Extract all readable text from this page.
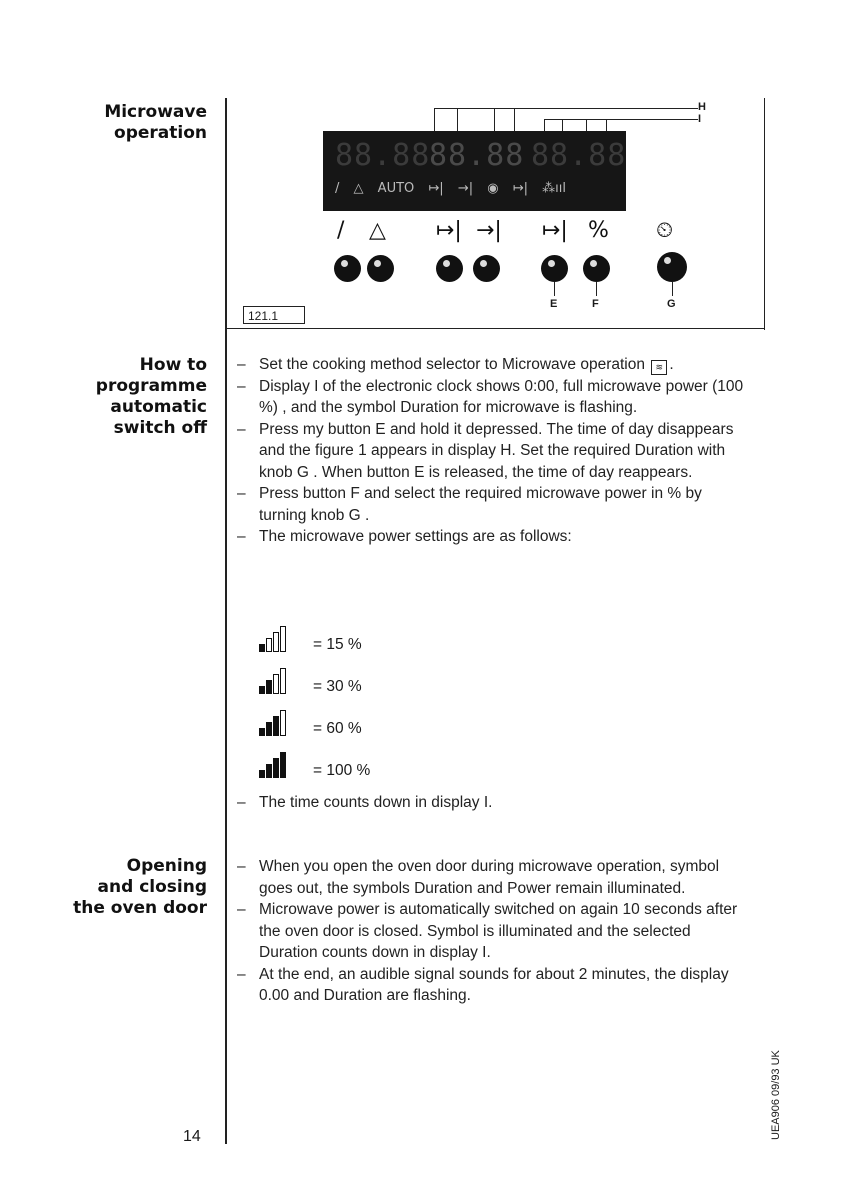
Microwave
operation
How to
programme
automatic
switch off
Opening
and closing
the oven door
H
I
88.88
88.88 88.88
/ △ AUTO ↦| →| ◉ ↦| ⁂ııl
/ △ ↦| →| ↦| % ⏲
E	F	G
121.1
– Set the cooking method selector to Microwave operation ≋ .
– Display I of the electronic clock shows 0:00, full microwave power (100 %) , and the symbol Duration for microwave is flashing.
– Press my button E and hold it depressed. The time of day disappears and the figure 1 appears in display H. Set the required Duration with knob G . When button E is released, the time of day reappears.
– Press button F and select the required microwave power in % by turning knob G .
– The microwave power settings are as follows:
= 15 %
= 30 %
= 60 %
= 100 %
– The time counts down in display I.
– When you open the oven door during microwave operation, symbol goes out, the symbols Duration and Power remain illuminated.
– Microwave power is automatically switched on again 10 seconds after the oven door is closed. Symbol is illuminated and the selected Duration counts down in display I.
– At the end, an audible signal sounds for about 2 minutes, the display 0.00 and Duration are flashing.
14	UEA906 09/93 UK
